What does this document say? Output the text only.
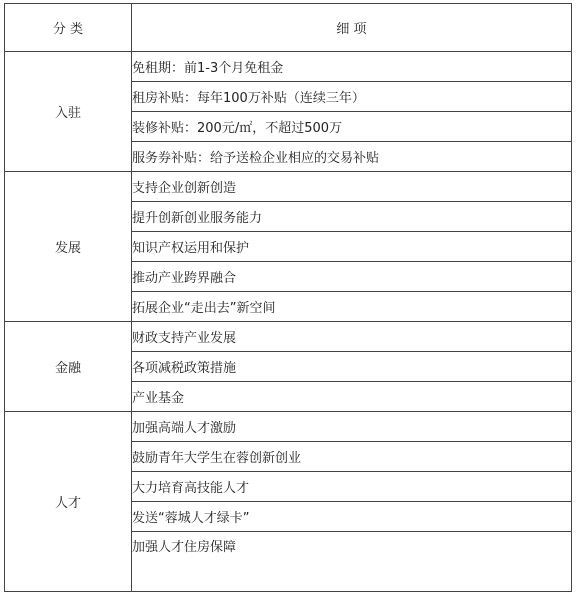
分 类	细 项
入驻	免租期：前1-3个月免租金
	租房补贴：每年100万补贴（连续三年）
	装修补贴：200元/㎡，不超过500万
	服务券补贴：给予送检企业相应的交易补贴
发展	支持企业创新创造
	提升创新创业服务能力
	知识产权运用和保护
	推动产业跨界融合
	拓展企业“走出去”新空间
金融	财政支持产业发展
	各项减税政策措施
	产业基金
人才	加强高端人才激励
	鼓励青年大学生在蓉创新创业
	大力培育高技能人才
	发送“蓉城人才绿卡”
	加强人才住房保障
